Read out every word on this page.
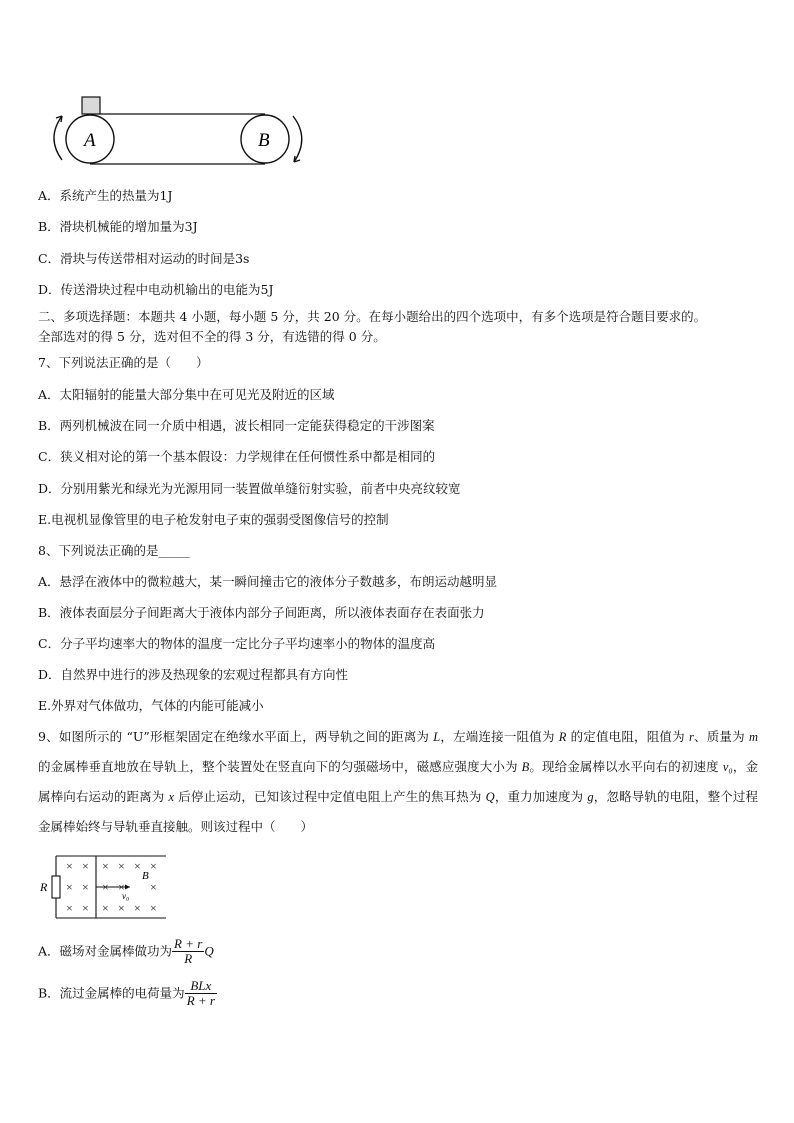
A	B
A．系统产生的热量为1J
B．滑块机械能的增加量为3J
C．滑块与传送带相对运动的时间是3s
D．传送滑块过程中电动机输出的电能为5J
二、多项选择题：本题共 4 小题，每小题 5 分，共 20 分。在每小题给出的四个选项中，有多个选项是符合题目要求的。
全部选对的得 5 分，选对但不全的得 3 分，有选错的得 0 分。
7、下列说法正确的是（　　）
A．太阳辐射的能量大部分集中在可见光及附近的区域
B．两列机械波在同一介质中相遇，波长相同一定能获得稳定的干涉图案
C．狭义相对论的第一个基本假设：力学规律在任何惯性系中都是相同的
D．分别用紫光和绿光为光源用同一装置做单缝衍射实验，前者中央亮纹较宽
E.电视机显像管里的电子枪发射电子束的强弱受图像信号的控制
8、下列说法正确的是_____
A．悬浮在液体中的微粒越大，某一瞬间撞击它的液体分子数越多，布朗运动越明显
B．液体表面层分子间距离大于液体内部分子间距离，所以液体表面存在表面张力
C．分子平均速率大的物体的温度一定比分子平均速率小的物体的温度高
D．自然界中进行的涉及热现象的宏观过程都具有方向性
E.外界对气体做功，气体的内能可能减小
9、如图所示的 “U”形框架固定在绝缘水平面上，两导轨之间的距离为 L，左端连接一阻值为 R 的定值电阻，阻值为 r、质量为 m 的金属棒垂直地放在导轨上，整个装置处在竖直向下的匀强磁场中，磁感应强度大小为 B。现给金属棒以水平向右的初速度 v₀，金属棒向右运动的距离为 x 后停止运动，已知该过程中定值电阻上产生的焦耳热为 Q，重力加速度为 g，忽略导轨的电阻，整个过程金属棒始终与导轨垂直接触。则该过程中（　　）
R
× × × × × ×
× × × × ×
× × × × × ×
B
v₀
A．磁场对金属棒做功为 $\frac{R + r}{R}$ Q
B．流过金属棒的电荷量为 $\frac{\text{BLx}}{R + r}$
